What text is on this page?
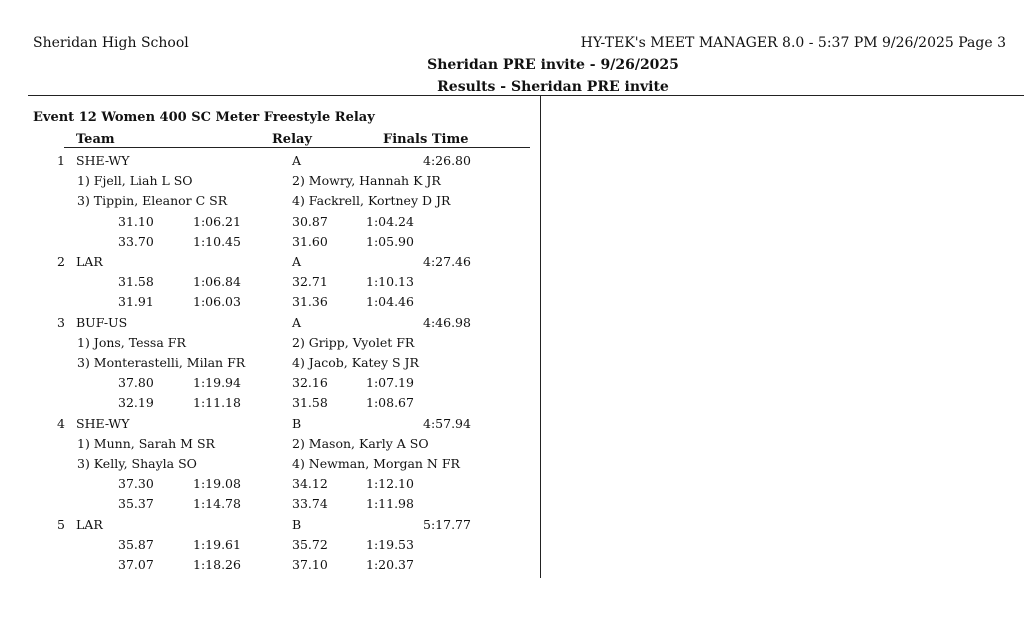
Sheridan High School	HY-TEK's MEET MANAGER 8.0 - 5:37 PM 9/26/2025 Page 3
Sheridan PRE invite - 9/26/2025
Results - Sheridan PRE invite
Event 12 Women 400 SC Meter Freestyle Relay
Team	Relay	Finals Time
1 SHE-WY	A	4:26.80
1) Fjell, Liah L SO	2) Mowry, Hannah K JR
3) Tippin, Eleanor C SR	4) Fackrell, Kortney D JR
31.10	1:06.21	30.87	1:04.24
33.70	1:10.45	31.60	1:05.90
2 LAR	A	4:27.46
31.58	1:06.84	32.71	1:10.13
31.91	1:06.03	31.36	1:04.46
3 BUF-US	A	4:46.98
1) Jons, Tessa FR	2) Gripp, Vyolet FR
3) Monterastelli, Milan FR	4) Jacob, Katey S JR
37.80	1:19.94	32.16	1:07.19
32.19	1:11.18	31.58	1:08.67
4 SHE-WY	B	4:57.94
1) Munn, Sarah M SR	2) Mason, Karly A SO
3) Kelly, Shayla SO	4) Newman, Morgan N FR
37.30	1:19.08	34.12	1:12.10
35.37	1:14.78	33.74	1:11.98
5 LAR	B	5:17.77
35.87	1:19.61	35.72	1:19.53
37.07	1:18.26	37.10	1:20.37
